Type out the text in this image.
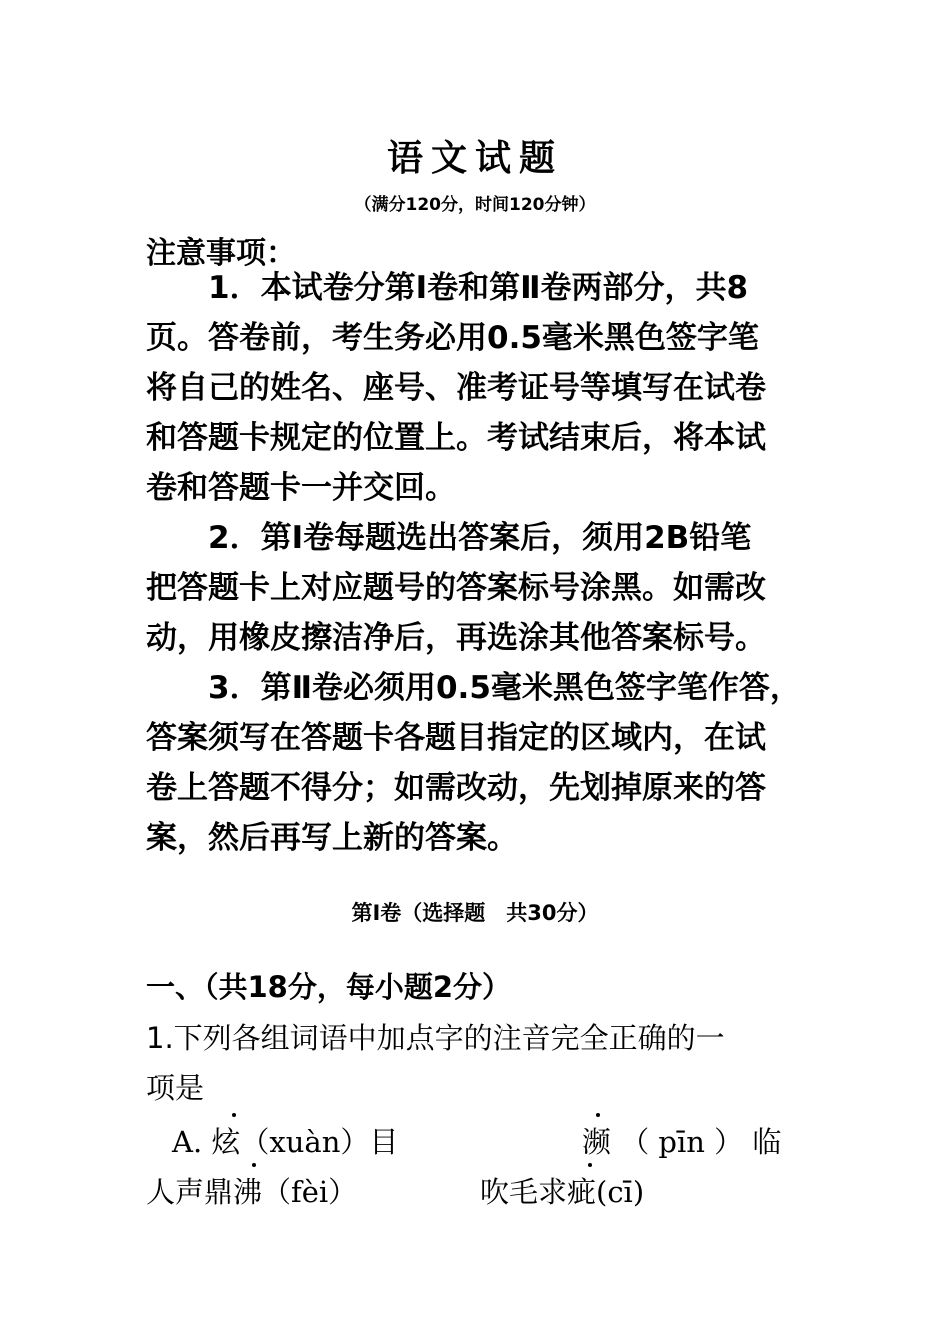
语文试题
（满分120分，时间120分钟）
注意事项：
　　1．本试卷分第Ⅰ卷和第Ⅱ卷两部分，共8
页。答卷前，考生务必用0.5毫米黑色签字笔
将自己的姓名、座号、准考证号等填写在试卷
和答题卡规定的位置上。考试结束后，将本试
卷和答题卡一并交回。
　　2．第Ⅰ卷每题选出答案后，须用2B铅笔
把答题卡上对应题号的答案标号涂黑。如需改
动，用橡皮擦洁净后，再选涂其他答案标号。
　　3．第Ⅱ卷必须用0.5毫米黑色签字笔作答，
答案须写在答题卡各题目指定的区域内，在试
卷上答题不得分；如需改动，先划掉原来的答
案，然后再写上新的答案。
第Ⅰ卷（选择题　共30分）
一、（共18分，每小题2分）
1.下列各组词语中加点字的注音完全正确的一
项是
A. 炫（xuàn）目	濒 （ pīn ） 临
人声鼎沸（fèi）	吹毛求疵(cī)
